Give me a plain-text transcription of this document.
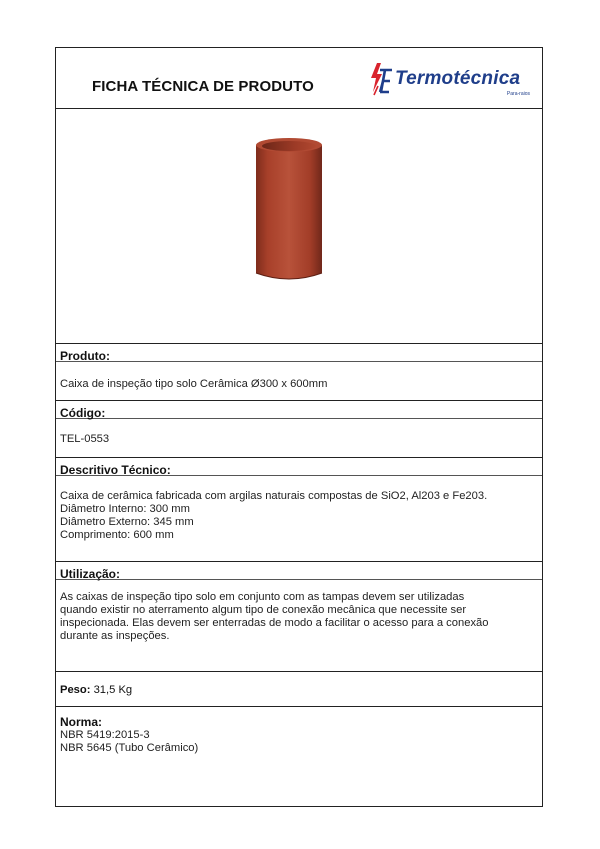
FICHA TÉCNICA DE PRODUTO	Termotécnica
Para-raios
Produto:
Caixa de inspeção tipo solo Cerâmica Ø300 x 600mm
Código:
TEL-0553
Descritivo Técnico:
Caixa de cerâmica fabricada com argilas naturais compostas de SiO2, Al203 e Fe203.
Diâmetro Interno: 300 mm
Diâmetro Externo: 345 mm
Comprimento: 600 mm
Utilização:
As caixas de inspeção tipo solo em conjunto com as tampas devem ser utilizadas
quando existir no aterramento algum tipo de conexão mecânica que necessite ser
inspecionada. Elas devem ser enterradas de modo a facilitar o acesso para a conexão
durante as inspeções.
Peso: 31,5 Kg
Norma:
NBR 5419:2015-3
NBR 5645 (Tubo Cerâmico)
